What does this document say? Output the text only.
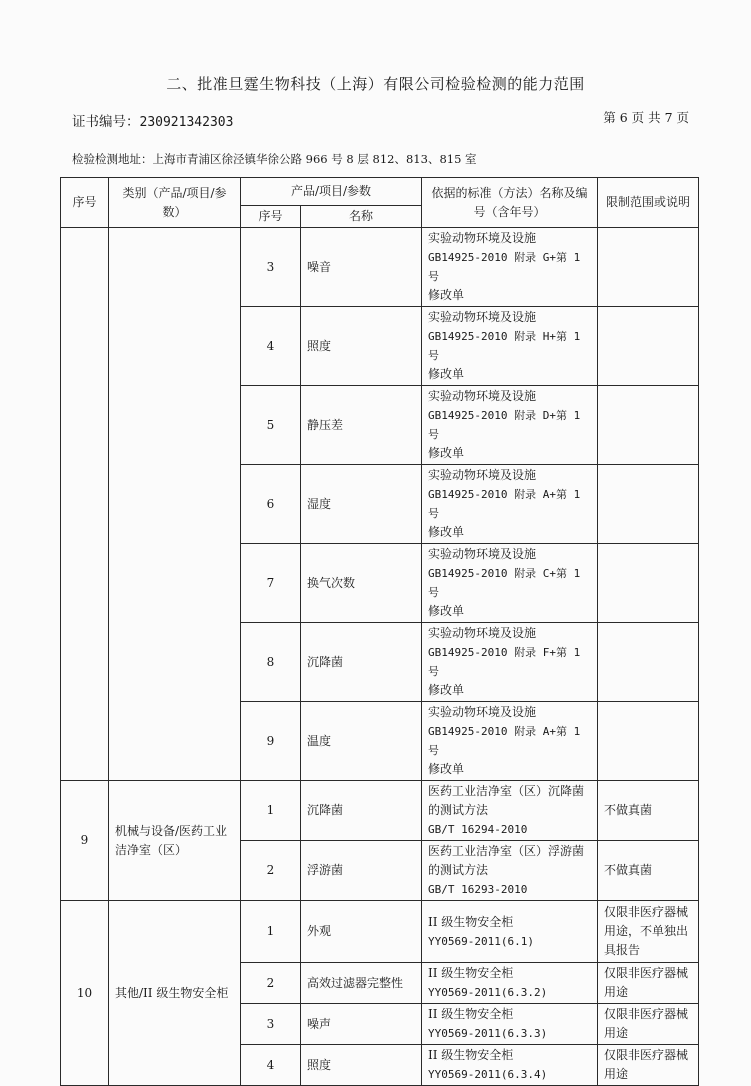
二、批准旦霆生物科技（上海）有限公司检验检测的能力范围
证书编号：230921342303	第 6 页 共 7 页
检验检测地址：上海市青浦区徐泾镇华徐公路 966 号 8 层 812、813、815 室
序号	类别（产品/项目/参数）	产品/项目/参数		依据的标准（方法）名称及编号（含年号）	限制范围或说明
		序号	名称		
		3	噪音	实验动物环境及设施
GB14925-2010 附录 G+第 1 号
修改单	

		4	照度	实验动物环境及设施
GB14925-2010 附录 H+第 1 号
修改单	

		5	静压差	实验动物环境及设施
GB14925-2010 附录 D+第 1 号
修改单	

		6	湿度	实验动物环境及设施
GB14925-2010 附录 A+第 1 号
修改单	

		7	换气次数	实验动物环境及设施
GB14925-2010 附录 C+第 1 号
修改单	

		8	沉降菌	实验动物环境及设施
GB14925-2010 附录 F+第 1 号
修改单	

		9	温度	实验动物环境及设施
GB14925-2010 附录 A+第 1 号
修改单	

9	机械与设备/医药工业洁净室（区）	1	沉降菌	医药工业洁净室（区）沉降菌
的测试方法
GB/T 16294-2010	不做真菌
		2	浮游菌	医药工业洁净室（区）浮游菌
的测试方法
GB/T 16293-2010	不做真菌
10	其他/II 级生物安全柜	1	外观	II 级生物安全柜
YY0569-2011(6.1)	仅限非医疗器械用途，不单独出具报告
		2	高效过滤器完整性	II 级生物安全柜
YY0569-2011(6.3.2)	仅限非医疗器械用途
		3	噪声	II 级生物安全柜
YY0569-2011(6.3.3)	仅限非医疗器械用途
		4	照度	II 级生物安全柜
YY0569-2011(6.3.4)	仅限非医疗器械用途
